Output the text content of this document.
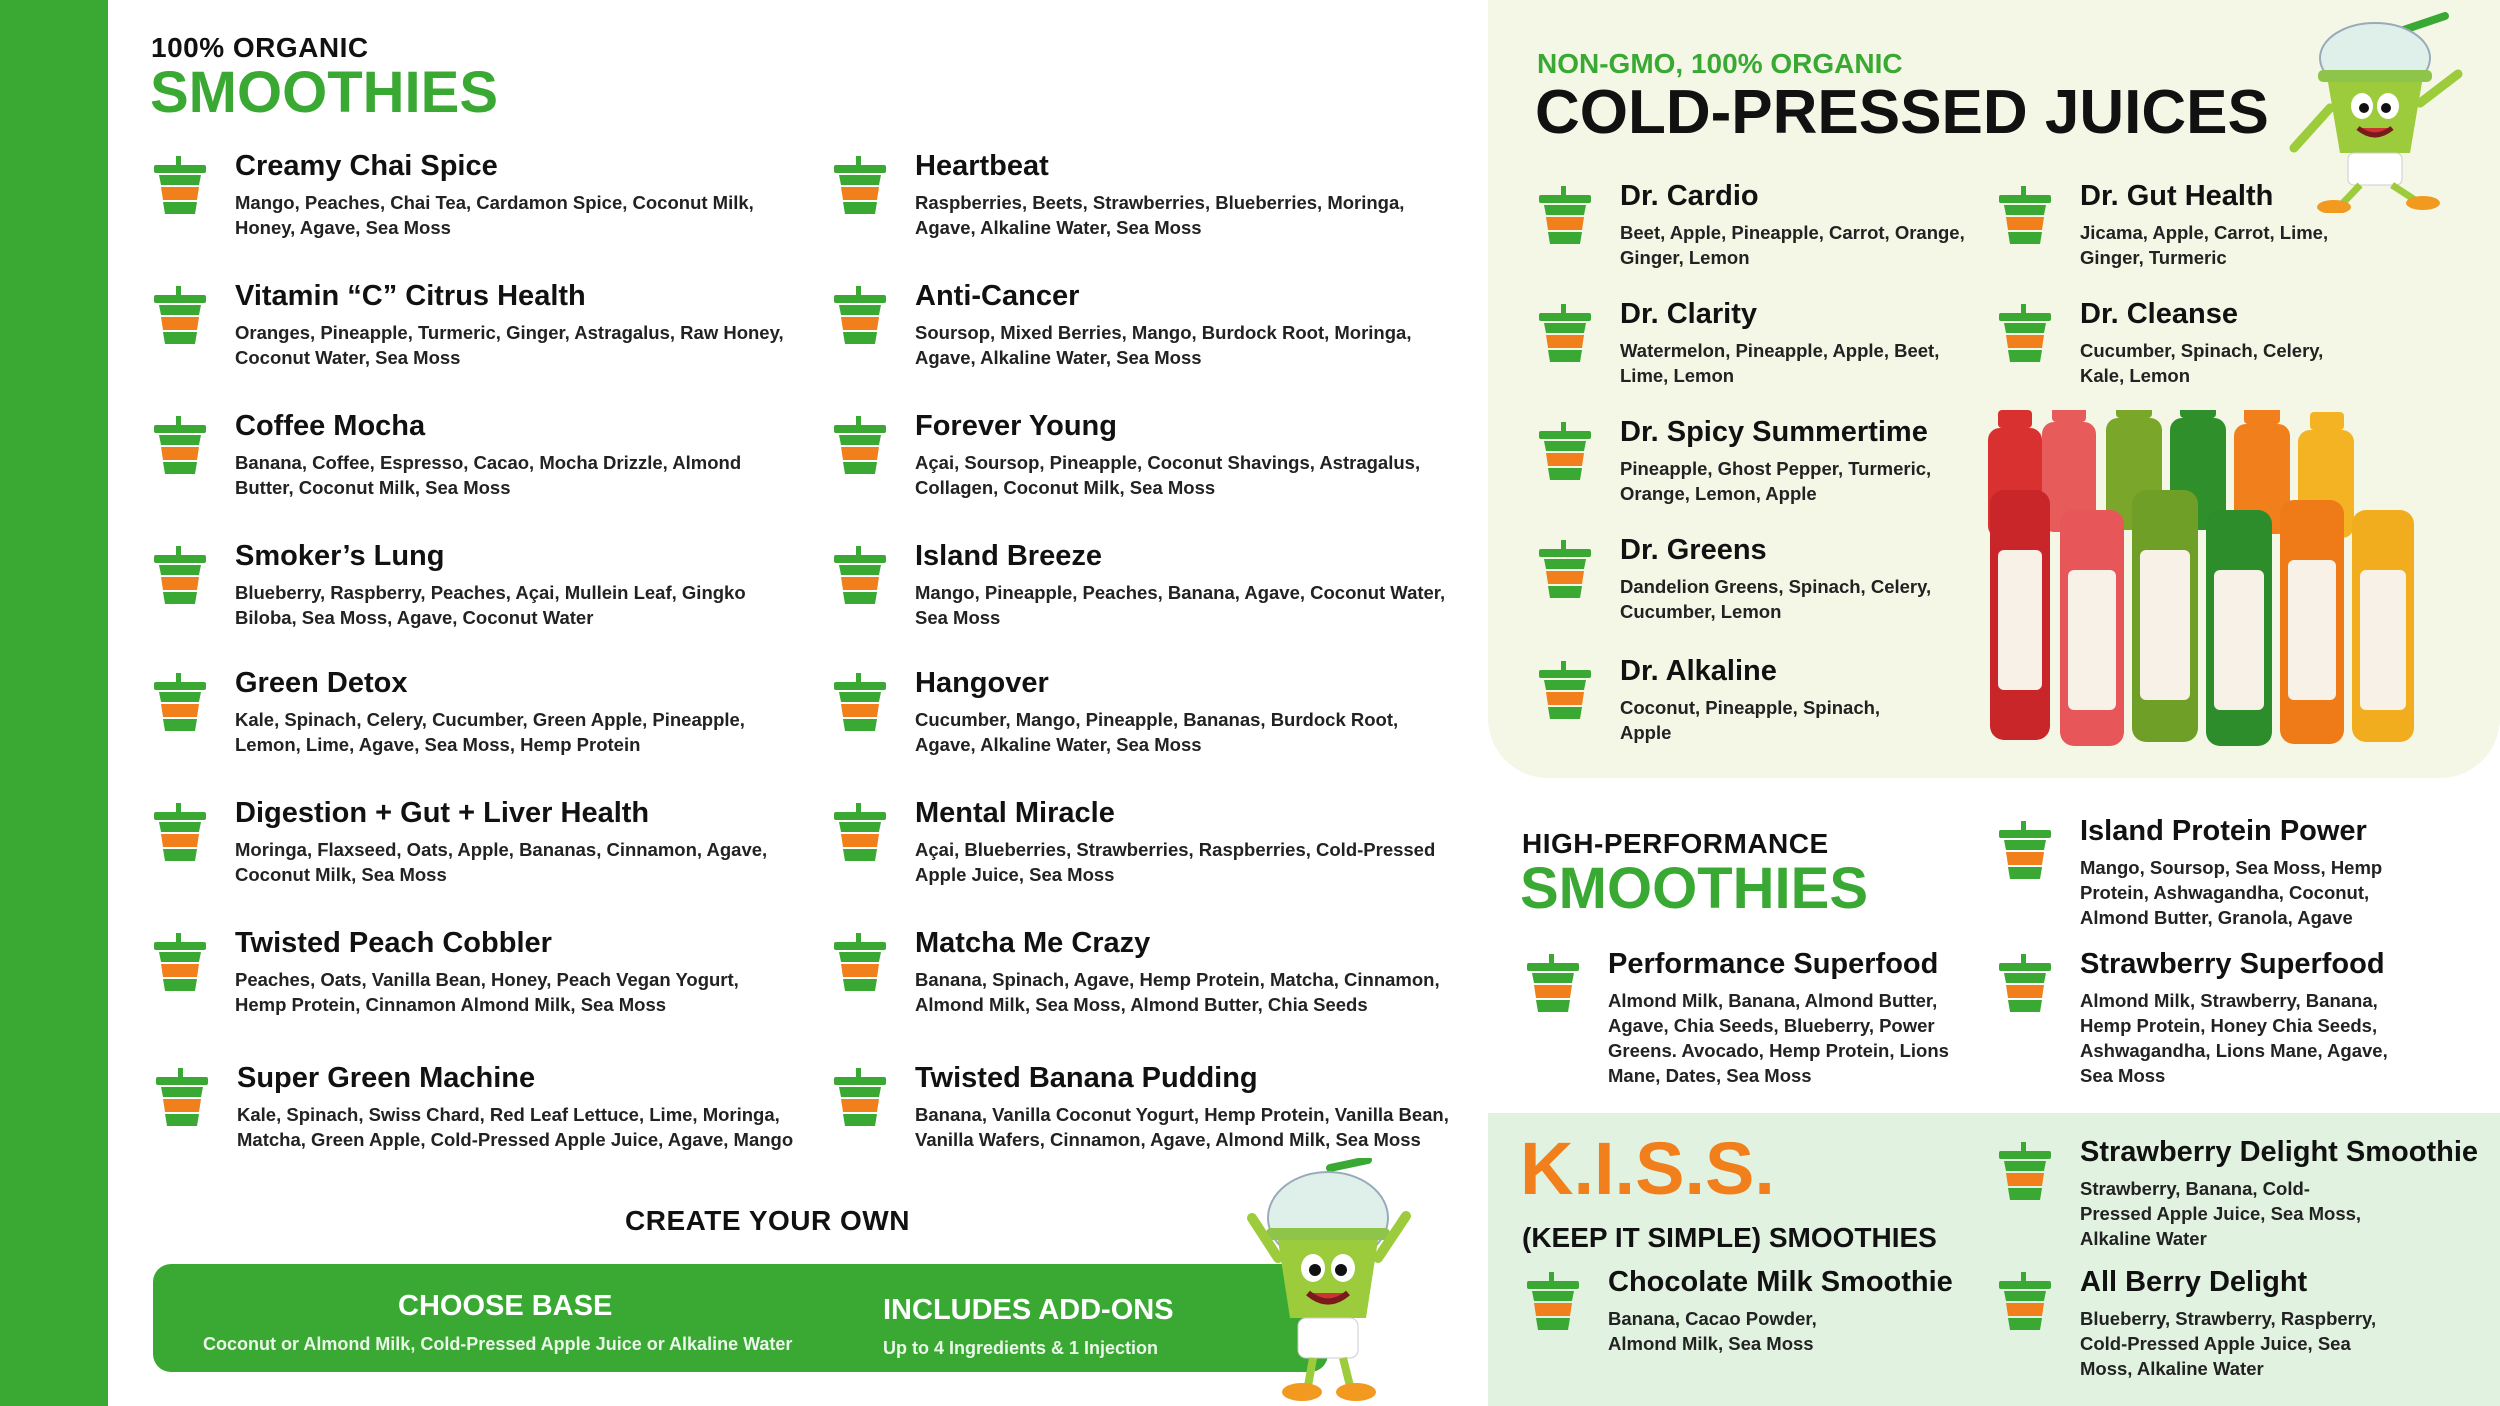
100% ORGANIC
SMOOTHIES
Creamy Chai Spice
Mango, Peaches, Chai Tea, Cardamon Spice, Coconut Milk, Honey, Agave, Sea Moss
Vitamin “C” Citrus Health
Oranges, Pineapple, Turmeric, Ginger, Astragalus, Raw Honey, Coconut Water, Sea Moss
Coffee Mocha
Banana, Coffee, Espresso, Cacao, Mocha Drizzle, Almond Butter, Coconut Milk, Sea Moss
Smoker’s Lung
Blueberry, Raspberry, Peaches, Açai, Mullein Leaf, Gingko Biloba, Sea Moss, Agave, Coconut Water
Green Detox
Kale, Spinach, Celery, Cucumber, Green Apple, Pineapple, Lemon, Lime, Agave, Sea Moss, Hemp Protein
Digestion + Gut + Liver Health
Moringa, Flaxseed, Oats, Apple, Bananas, Cinnamon, Agave, Coconut Milk, Sea Moss
Twisted Peach Cobbler
Peaches, Oats, Vanilla Bean, Honey, Peach Vegan Yogurt, Hemp Protein, Cinnamon Almond Milk, Sea Moss
Super Green Machine
Kale, Spinach, Swiss Chard, Red Leaf Lettuce, Lime, Moringa, Matcha, Green Apple, Cold-Pressed Apple Juice, Agave, Mango
Heartbeat
Raspberries, Beets, Strawberries, Blueberries, Moringa, Agave, Alkaline Water, Sea Moss
Anti-Cancer
Soursop, Mixed Berries, Mango, Burdock Root, Moringa, Agave, Alkaline Water, Sea Moss
Forever Young
Açai, Soursop, Pineapple, Coconut Shavings, Astragalus, Collagen, Coconut Milk, Sea Moss
Island Breeze
Mango, Pineapple, Peaches, Banana, Agave, Coconut Water, Sea Moss
Hangover
Cucumber, Mango, Pineapple, Bananas, Burdock Root, Agave, Alkaline Water, Sea Moss
Mental Miracle
Açai, Blueberries, Strawberries, Raspberries, Cold-Pressed Apple Juice, Sea Moss
Matcha Me Crazy
Banana, Spinach, Agave, Hemp Protein, Matcha, Cinnamon, Almond Milk, Sea Moss, Almond Butter, Chia Seeds
Twisted Banana Pudding
Banana, Vanilla Coconut Yogurt, Hemp Protein, Vanilla Bean, Vanilla Wafers, Cinnamon, Agave, Almond Milk, Sea Moss
CREATE YOUR OWN
CHOOSE BASE
Coconut or Almond Milk, Cold-Pressed Apple Juice or Alkaline Water
INCLUDES ADD-ONS
Up to 4 Ingredients & 1 Injection
NON-GMO, 100% ORGANIC
COLD-PRESSED JUICES
Dr. Cardio
Beet, Apple, Pineapple, Carrot, Orange, Ginger, Lemon
Dr. Clarity
Watermelon, Pineapple, Apple, Beet, Lime, Lemon
Dr. Spicy Summertime
Pineapple, Ghost Pepper, Turmeric, Orange, Lemon, Apple
Dr. Greens
Dandelion Greens, Spinach, Celery, Cucumber, Lemon
Dr. Alkaline
Coconut, Pineapple, Spinach, Apple
Dr. Gut Health
Jicama, Apple, Carrot, Lime, Ginger, Turmeric
Dr. Cleanse
Cucumber, Spinach, Celery, Kale, Lemon
HIGH-PERFORMANCE
SMOOTHIES
Island Protein Power
Mango, Soursop, Sea Moss, Hemp Protein, Ashwagandha, Coconut, Almond Butter, Granola, Agave
Performance Superfood
Almond Milk, Banana, Almond Butter, Agave, Chia Seeds, Blueberry, Power Greens. Avocado, Hemp Protein, Lions Mane, Dates, Sea Moss
Strawberry Superfood
Almond Milk, Strawberry, Banana, Hemp Protein, Honey Chia Seeds, Ashwagandha, Lions Mane, Agave, Sea Moss
K.I.S.S.
(KEEP IT SIMPLE) SMOOTHIES
Strawberry Delight Smoothie
Strawberry, Banana, Cold-Pressed Apple Juice, Sea Moss, Alkaline Water
Chocolate Milk Smoothie
Banana, Cacao Powder, Almond Milk, Sea Moss
All Berry Delight
Blueberry, Strawberry, Raspberry, Cold-Pressed Apple Juice, Sea Moss, Alkaline Water
